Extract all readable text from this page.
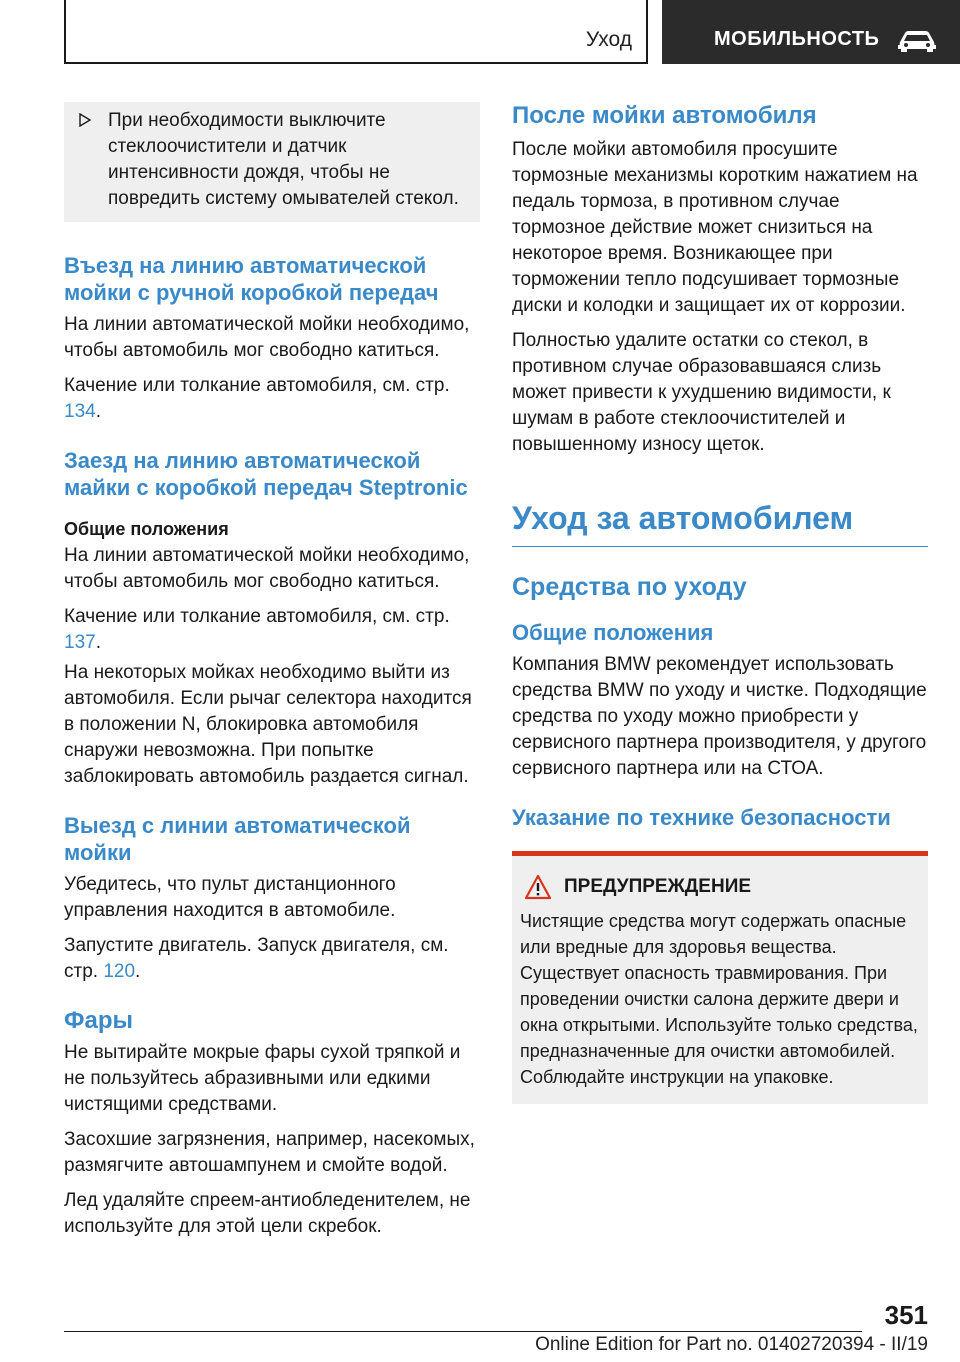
Уход	МОБИЛЬНОСТЬ

При необходимости выключите стеклоочистители и датчик интенсивности дождя, чтобы не повредить систему омывателей стекол.

Въезд на линию автоматической мойки с ручной коробкой передач

На линии автоматической мойки необходимо, чтобы автомобиль мог свободно катиться.

Качение или толкание автомобиля, см. стр. 134.

Заезд на линию автоматической майки с коробкой передач Steptronic
Общие положения

На линии автоматической мойки необходимо, чтобы автомобиль мог свободно катиться.

Качение или толкание автомобиля, см. стр. 137.

На некоторых мойках необходимо выйти из автомобиля. Если рычаг селектора находится в положении N, блокировка автомобиля снаружи невозможна. При попытке заблокировать автомобиль раздается сигнал.

Выезд с линии автоматической мойки

Убедитесь, что пульт дистанционного управления находится в автомобиле.

Запустите двигатель. Запуск двигателя, см. стр. 120.

Фары

Не вытирайте мокрые фары сухой тряпкой и не пользуйтесь абразивными или едкими чистящими средствами.

Засохшие загрязнения, например, насекомых, размягчите автошампунем и смойте водой.

Лед удаляйте спреем-антиобледенителем, не используйте для этой цели скребок.

После мойки автомобиля

После мойки автомобиля просушите тормозные механизмы коротким нажатием на педаль тормоза, в противном случае тормозное действие может снизиться на некоторое время. Возникающее при торможении тепло подсушивает тормозные диски и колодки и защищает их от коррозии.

Полностью удалите остатки со стекол, в противном случае образовавшаяся слизь может привести к ухудшению видимости, к шумам в работе стеклоочистителей и повышенному износу щеток.

Уход за автомобилем
Средства по уходу
Общие положения

Компания BMW рекомендует использовать средства BMW по уходу и чистке. Подходящие средства по уходу можно приобрести у сервисного партнера производителя, у другого сервисного партнера или на СТОА.

Указание по технике безопасности
ПРЕДУПРЕЖДЕНИЕ

Чистящие средства могут содержать опасные или вредные для здоровья вещества. Существует опасность травмирования. При проведении очистки салона держите двери и окна открытыми. Используйте только средства, предназначенные для очистки автомобилей. Соблюдайте инструкции на упаковке.

351
Online Edition for Part no. 01402720394 - II/19
